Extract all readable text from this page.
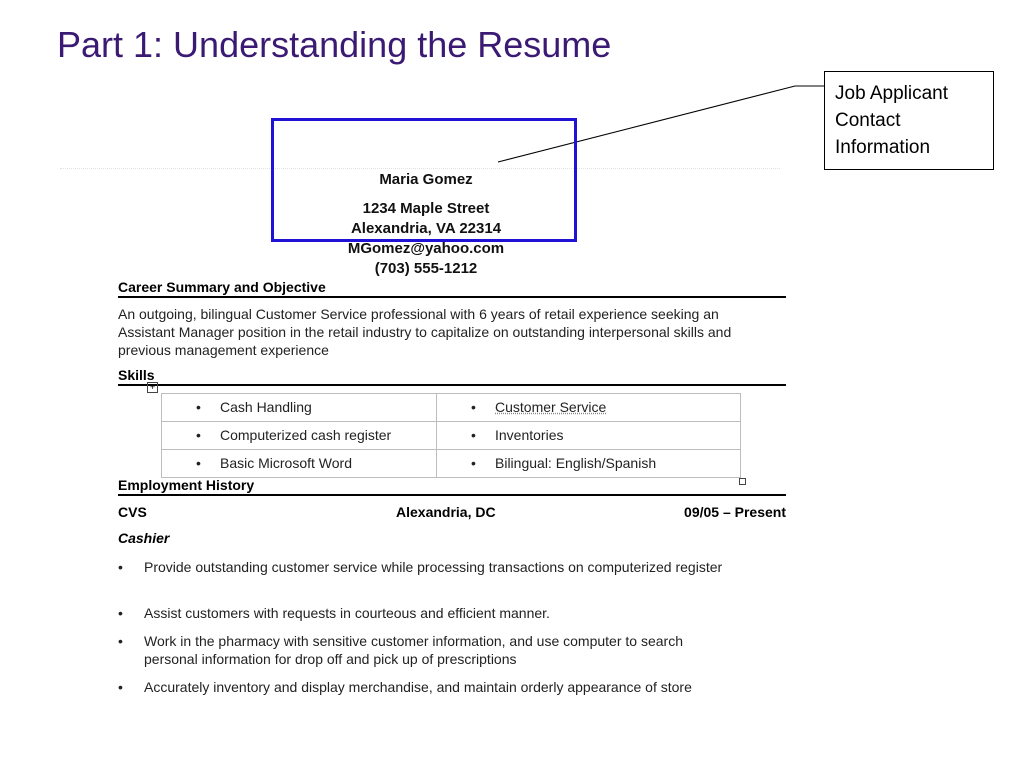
Part 1: Understanding the Resume
Job Applicant
Contact
Information
Maria Gomez
1234 Maple Street
Alexandria, VA 22314
MGomez@yahoo.com
(703) 555-1212
Career Summary and Objective
An outgoing, bilingual Customer Service professional with 6 years of retail experience seeking an Assistant Manager position in the retail industry to capitalize on outstanding interpersonal skills and previous management experience
Skills
+
• Cash Handling	• Customer Service

• Computerized cash register	• Inventories

• Basic Microsoft Word	• Bilingual: English/Spanish
Employment History
CVS	Alexandria, DC	09/05 – Present
Cashier
• Provide outstanding customer service while processing transactions on computerized register
• Assist customers with requests in courteous and efficient manner.
• Work in the pharmacy with sensitive customer information, and use computer to search personal information for drop off and pick up of prescriptions
• Accurately inventory and display merchandise, and maintain orderly appearance of store
